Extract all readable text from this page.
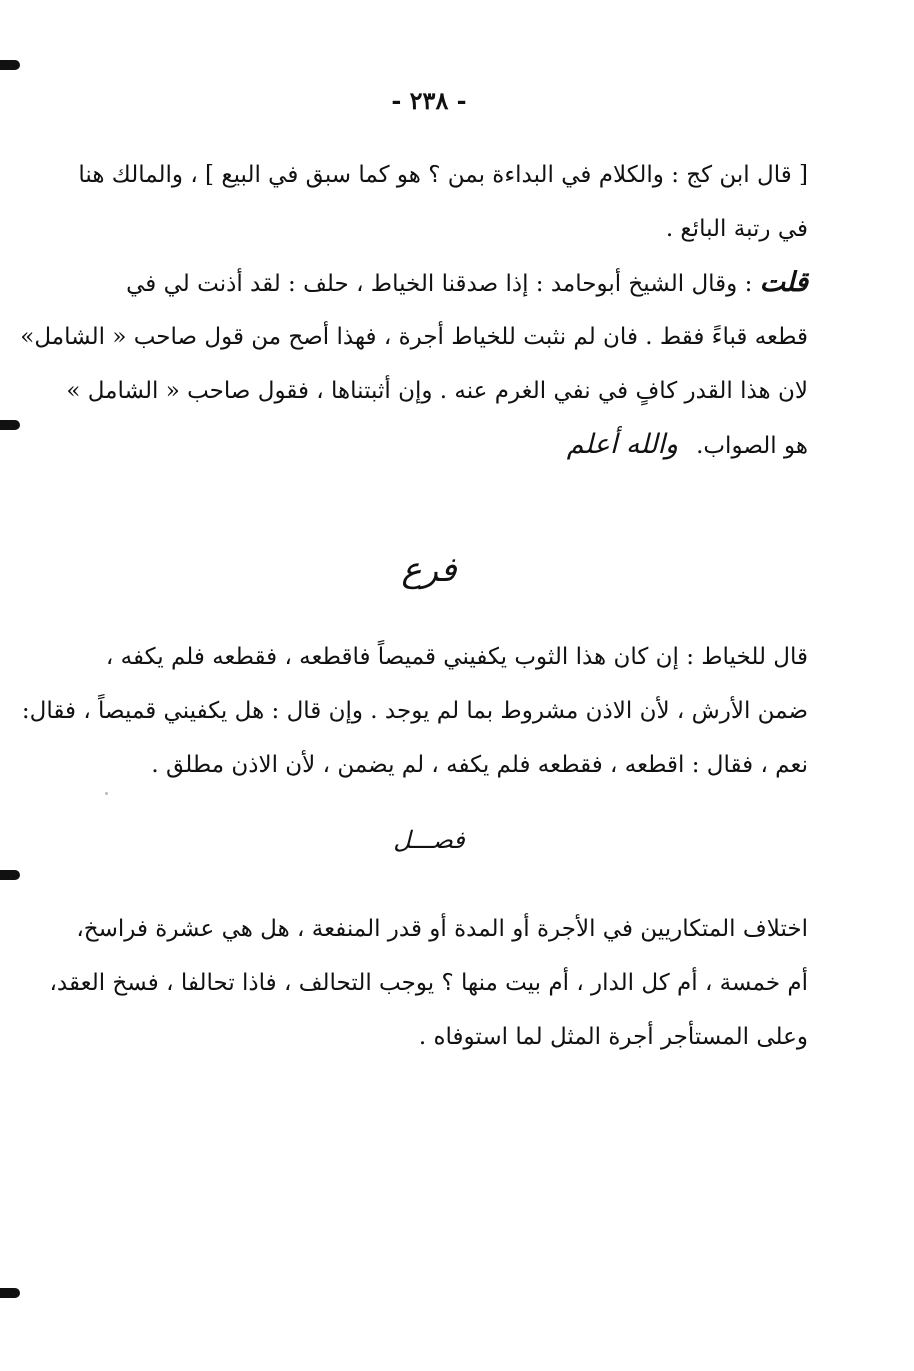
- ٢٣٨ -
[ قال ابن كج : والكلام في البداءة بمن ؟ هو كما سبق في البيع ] ، والمالك هنا
في رتبة البائع .
قلت : وقال الشيخ أبوحامد : إذا صدقنا الخياط ، حلف : لقد أذنت لي في
قطعه قباءً فقط . فان لم نثبت للخياط أجرة ، فهذا أصح من قول صاحب « الشامل»
لان هذا القدر كافٍ في نفي الغرم عنه . وإن أثبتناها ، فقول صاحب « الشامل »
هو الصواب.والله أعلم
فرع
قال للخياط : إن كان هذا الثوب يكفيني قميصاً فاقطعه ، فقطعه فلم يكفه ،
ضمن الأرش ، لأن الاذن مشروط بما لم يوجد . وإن قال : هل يكفيني قميصاً ، فقال:
نعم ، فقال : اقطعه ، فقطعه فلم يكفه ، لم يضمن ، لأن الاذن مطلق .
فصـــل
اختلاف المتكاريين في الأجرة أو المدة أو قدر المنفعة ، هل هي عشرة فراسخ،
أم خمسة ، أم كل الدار ، أم بيت منها ؟ يوجب التحالف ، فاذا تحالفا ، فسخ العقد،
وعلى المستأجر أجرة المثل لما استوفاه .
